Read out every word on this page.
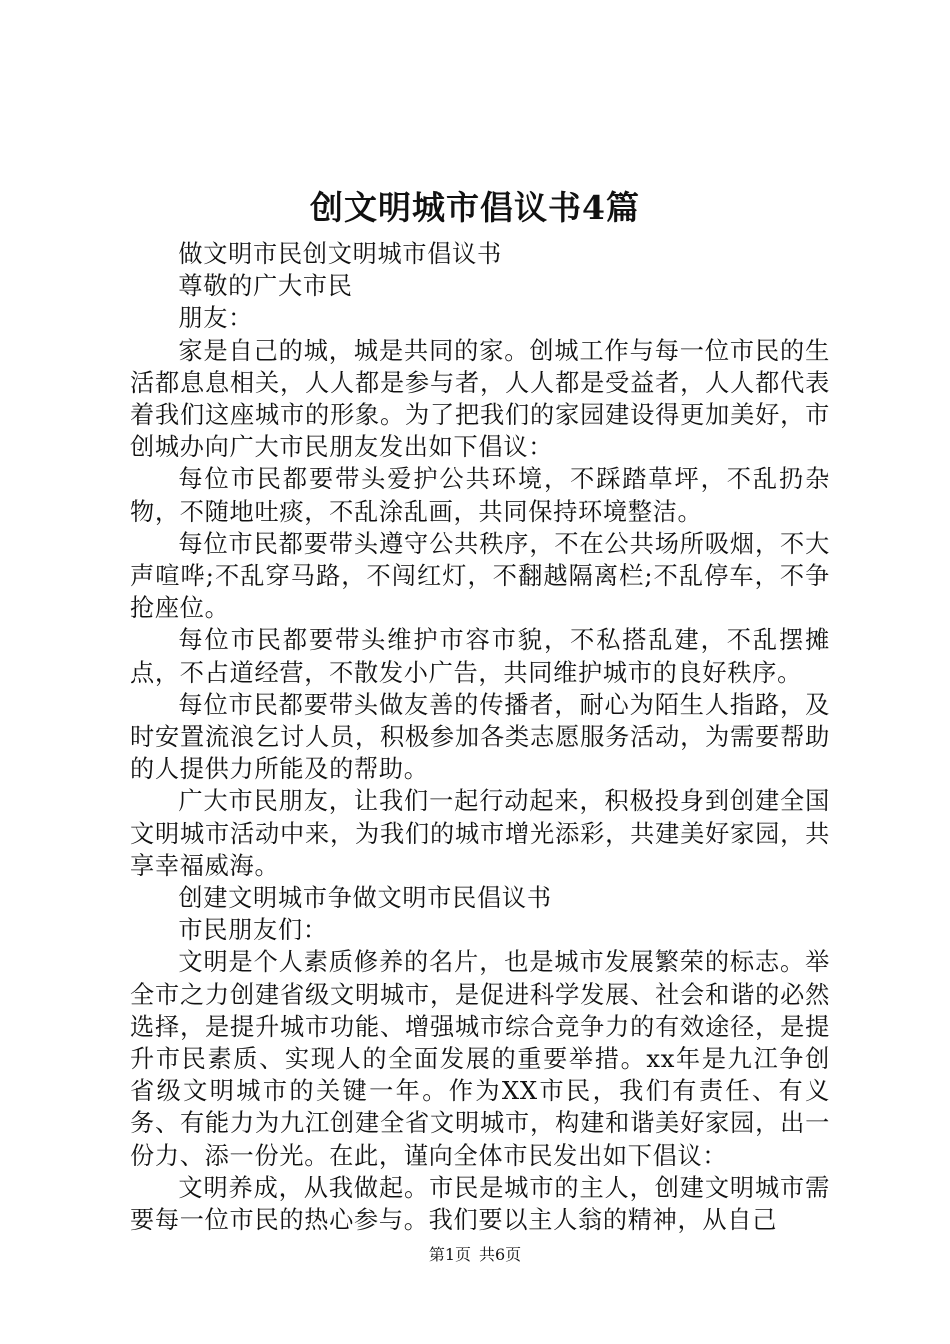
创文明城市倡议书4篇

做文明市民创文明城市倡议书

尊敬的广大市民

朋友：

家是自己的城，城是共同的家。创城工作与每一位市民的生活都息息相关，人人都是参与者，人人都是受益者，人人都代表着我们这座城市的形象。为了把我们的家园建设得更加美好，市创城办向广大市民朋友发出如下倡议：

每位市民都要带头爱护公共环境，不踩踏草坪，不乱扔杂物，不随地吐痰，不乱涂乱画，共同保持环境整洁。

每位市民都要带头遵守公共秩序，不在公共场所吸烟，不大声喧哗;不乱穿马路，不闯红灯，不翻越隔离栏;不乱停车，不争抢座位。

每位市民都要带头维护市容市貌，不私搭乱建，不乱摆摊点，不占道经营，不散发小广告，共同维护城市的良好秩序。

每位市民都要带头做友善的传播者，耐心为陌生人指路，及时安置流浪乞讨人员，积极参加各类志愿服务活动，为需要帮助的人提供力所能及的帮助。

广大市民朋友，让我们一起行动起来，积极投身到创建全国文明城市活动中来，为我们的城市增光添彩，共建美好家园，共享幸福威海。

创建文明城市争做文明市民倡议书

市民朋友们：

文明是个人素质修养的名片，也是城市发展繁荣的标志。举全市之力创建省级文明城市，是促进科学发展、社会和谐的必然选择，是提升城市功能、增强城市综合竞争力的有效途径，是提升市民素质、实现人的全面发展的重要举措。xx年是九江争创省级文明城市的关键一年。作为XX市民，我们有责任、有义务、有能力为九江创建全省文明城市，构建和谐美好家园，出一份力、添一份光。在此，谨向全体市民发出如下倡议：

文明养成，从我做起。市民是城市的主人，创建文明城市需要每一位市民的热心参与。我们要以主人翁的精神，从自己

第1页 共6页
